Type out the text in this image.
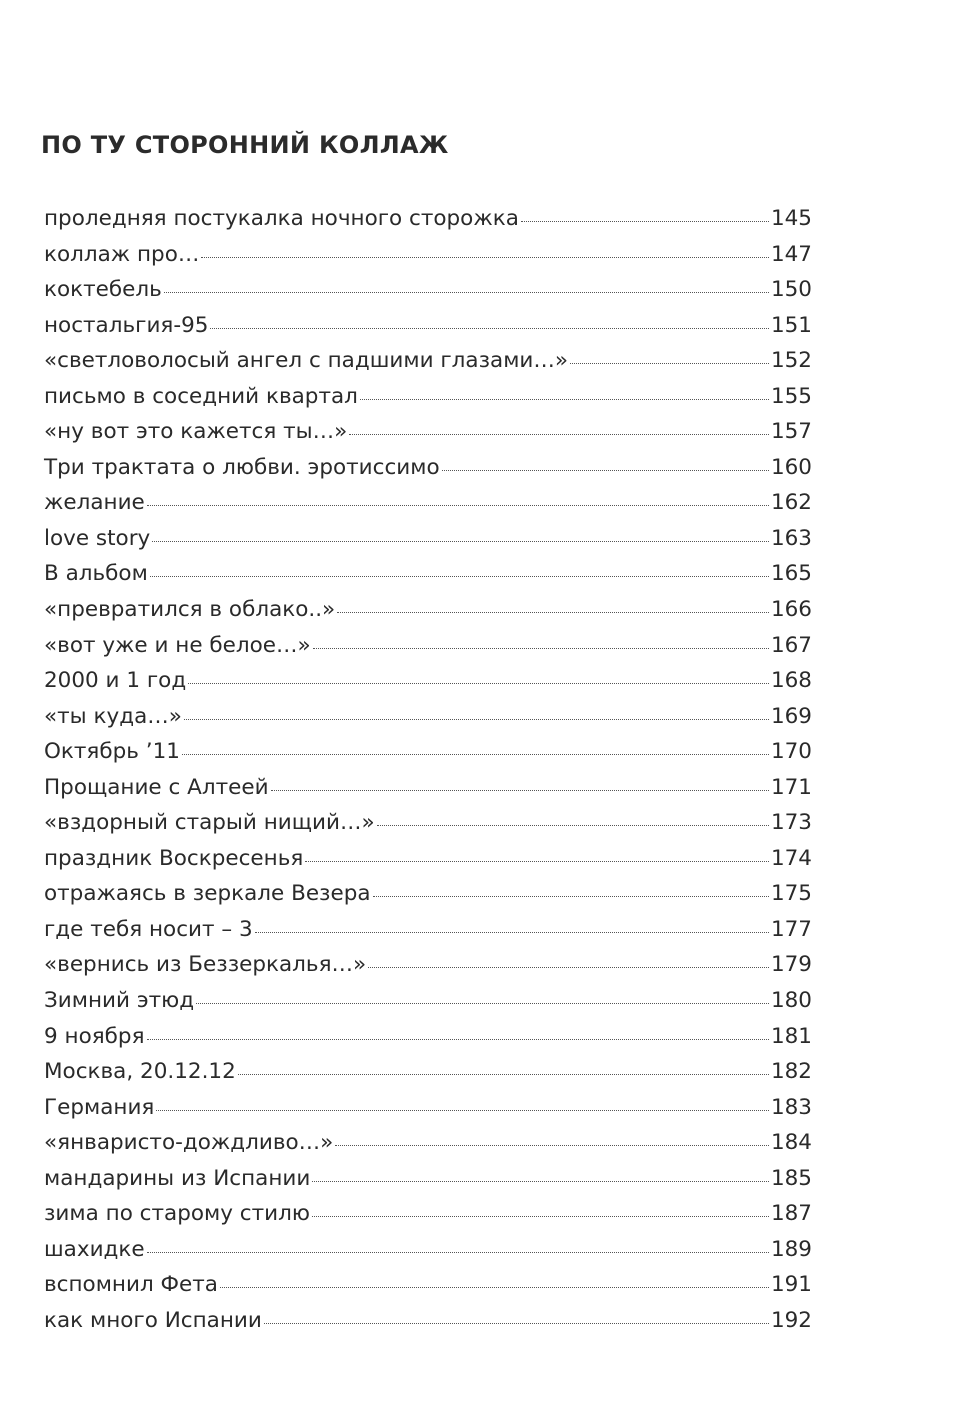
ПО ТУ СТОРОННИЙ КОЛЛАЖ
проледняя постукалка ночного сторожка	145
коллаж про…	147
коктебель	150
ностальгия-95	151
«светловолосый ангел с падшими глазами…»	152
письмо в соседний квартал	155
«ну вот это кажется ты…»	157
Три трактата о любви. эротиссимо	160
желание	162
love story	163
В альбом	165
«превратился в облако..»	166
«вот уже и не белое…»	167
2000 и 1 год	168
«ты куда…»	169
Октябрь ’11	170
Прощание с Алтеей	171
«вздорный старый нищий…»	173
праздник Воскресенья	174
отражаясь в зеркале Везера	175
где тебя носит – 3	177
«вернись из Беззеркалья…»	179
Зимний этюд	180
9 ноября	181
Москва, 20.12.12	182
Германия	183
«январисто-дождливо…»	184
мандарины из Испании	185
зима по старому стилю	187
шахидке	189
вспомнил Фета	191
как много Испании	192
